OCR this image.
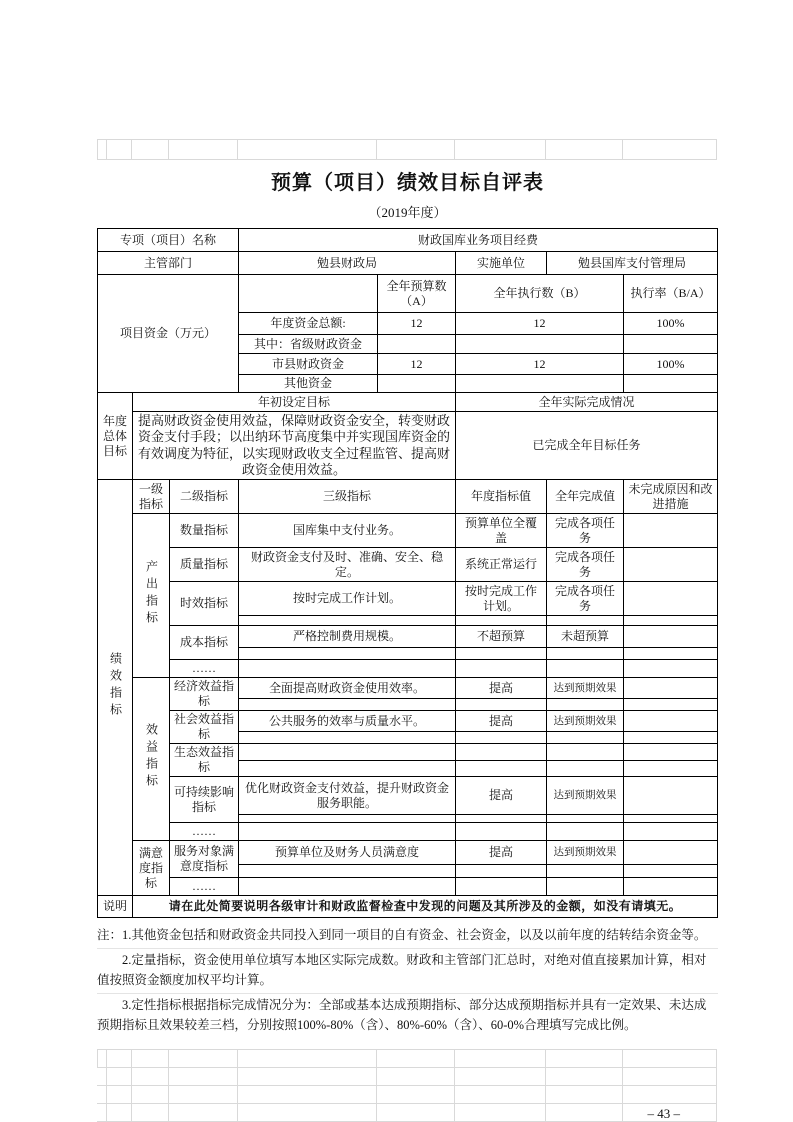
预算（项目）绩效目标自评表
（2019年度）
专项（项目）名称			财政国库业务项目经费				
主管部门			勉县财政局		实施单位	勉县国库支付管理局	
项目资金（万元）				全年预算数（A）	全年执行数（B）		执行率（B/A）
			年度资金总额:	12	12		100%
			其中：省级财政资金				
			市县财政资金	12	12		100%
			其他资金				
年度总体目标	年初设定目标				全年实际完成情况		
	提高财政资金使用效益，保障财政资金安全，转变财政资金支付手段；以出纳环节高度集中并实现国库资金的有效调度为特征，以实现财政收支全过程监管、提高财政资金使用效益。				已完成全年目标任务		
绩效指标	一级指标	二级指标	三级指标		年度指标值	全年完成值	未完成原因和改进措施
	产出指标	数量指标	国库集中支付业务。		预算单位全覆盖	完成各项任务	
		质量指标	财政资金支付及时、准确、安全、稳定。		系统正常运行	完成各项任务	
		时效指标	按时完成工作计划。		按时完成工作计划。	完成各项任务	

		成本指标	严格控制费用规模。		不超预算	未超预算	

		……					
	效益指标	经济效益指标	全面提高财政资金使用效率。		提高	达到预期效果	

		社会效益指标	公共服务的效率与质量水平。		提高	达到预期效果	

		生态效益指标					

		可持续影响指标	优化财政资金支付效益，提升财政资金服务职能。		提高	达到预期效果	

		……					
	满意度指标	服务对象满意度指标	预算单位及财务人员满意度		提高	达到预期效果	

		……					
说明	请在此处简要说明各级审计和财政监督检查中发现的问题及其所涉及的金额，如没有请填无。						

注：1.其他资金包括和财政资金共同投入到同一项目的自有资金、社会资金，以及以前年度的结转结余资金等。

2.定量指标，资金使用单位填写本地区实际完成数。财政和主管部门汇总时，对绝对值直接累加计算，相对值按照资金额度加权平均计算。

3.定性指标根据指标完成情况分为：全部或基本达成预期指标、部分达成预期指标并具有一定效果、未达成预期指标且效果较差三档，分别按照100%-80%（含）、80%-60%（含）、60-0%合理填写完成比例。

– 43 –
